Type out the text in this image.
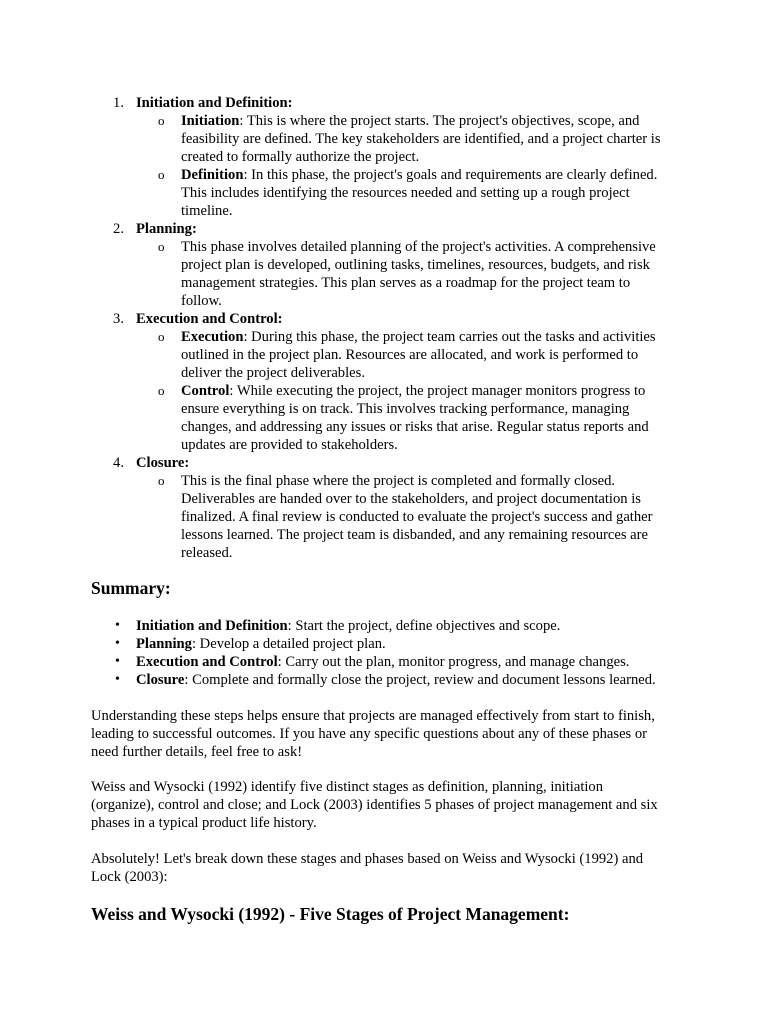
1. Initiation and Definition:
o Initiation: This is where the project starts. The project's objectives, scope, and
feasibility are defined. The key stakeholders are identified, and a project charter is
created to formally authorize the project.
o Definition: In this phase, the project's goals and requirements are clearly defined.
This includes identifying the resources needed and setting up a rough project
timeline.
2. Planning:
o This phase involves detailed planning of the project's activities. A comprehensive
project plan is developed, outlining tasks, timelines, resources, budgets, and risk
management strategies. This plan serves as a roadmap for the project team to
follow.
3. Execution and Control:
o Execution: During this phase, the project team carries out the tasks and activities
outlined in the project plan. Resources are allocated, and work is performed to
deliver the project deliverables.
o Control: While executing the project, the project manager monitors progress to
ensure everything is on track. This involves tracking performance, managing
changes, and addressing any issues or risks that arise. Regular status reports and
updates are provided to stakeholders.
4. Closure:
o This is the final phase where the project is completed and formally closed.
Deliverables are handed over to the stakeholders, and project documentation is
finalized. A final review is conducted to evaluate the project's success and gather
lessons learned. The project team is disbanded, and any remaining resources are
released.
Summary:
• Initiation and Definition: Start the project, define objectives and scope.
• Planning: Develop a detailed project plan.
• Execution and Control: Carry out the plan, monitor progress, and manage changes.
• Closure: Complete and formally close the project, review and document lessons learned.
Understanding these steps helps ensure that projects are managed effectively from start to finish,
leading to successful outcomes. If you have any specific questions about any of these phases or
need further details, feel free to ask!
Weiss and Wysocki (1992) identify five distinct stages as definition, planning, initiation
(organize), control and close; and Lock (2003) identifies 5 phases of project management and six
phases in a typical product life history.
Absolutely! Let's break down these stages and phases based on Weiss and Wysocki (1992) and
Lock (2003):
Weiss and Wysocki (1992) - Five Stages of Project Management:
